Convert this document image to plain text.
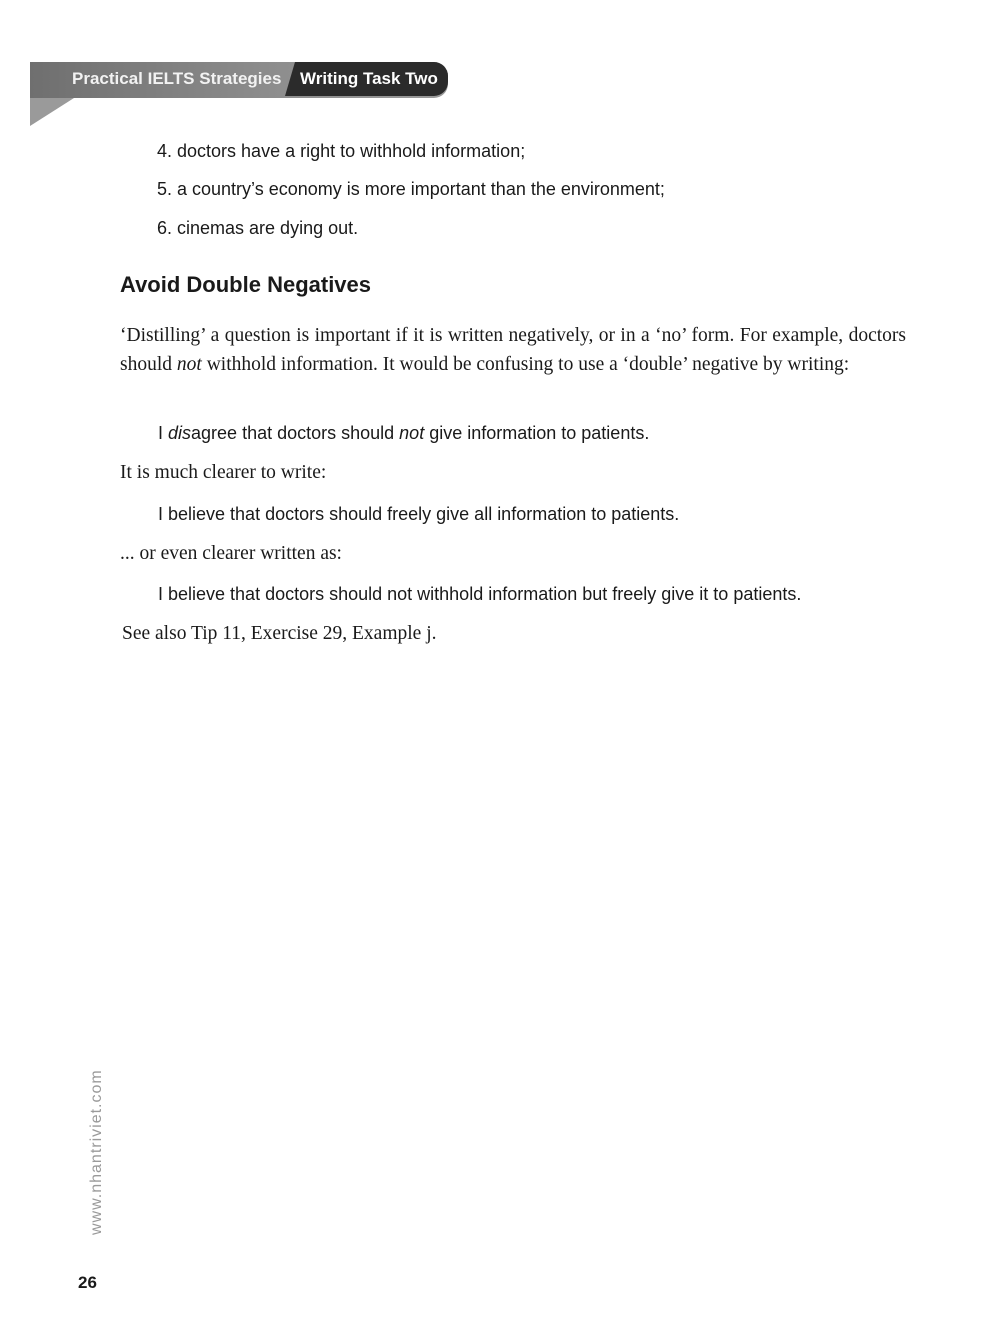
Practical IELTS Strategies Writing Task Two
4. doctors have a right to withhold information;
5. a country’s economy is more important than the environment;
6. cinemas are dying out.
Avoid Double Negatives
‘Distilling’ a question is important if it is written negatively, or in a ‘no’ form. For example, doctors should not withhold information. It would be confusing to use a ‘double’ negative by writing:
I disagree that doctors should not give information to patients.
It is much clearer to write:
I believe that doctors should freely give all information to patients.
... or even clearer written as:
I believe that doctors should not withhold information but freely give it to patients.
See also Tip 11, Exercise 29, Example j.
www.nhantriviet.com
26
